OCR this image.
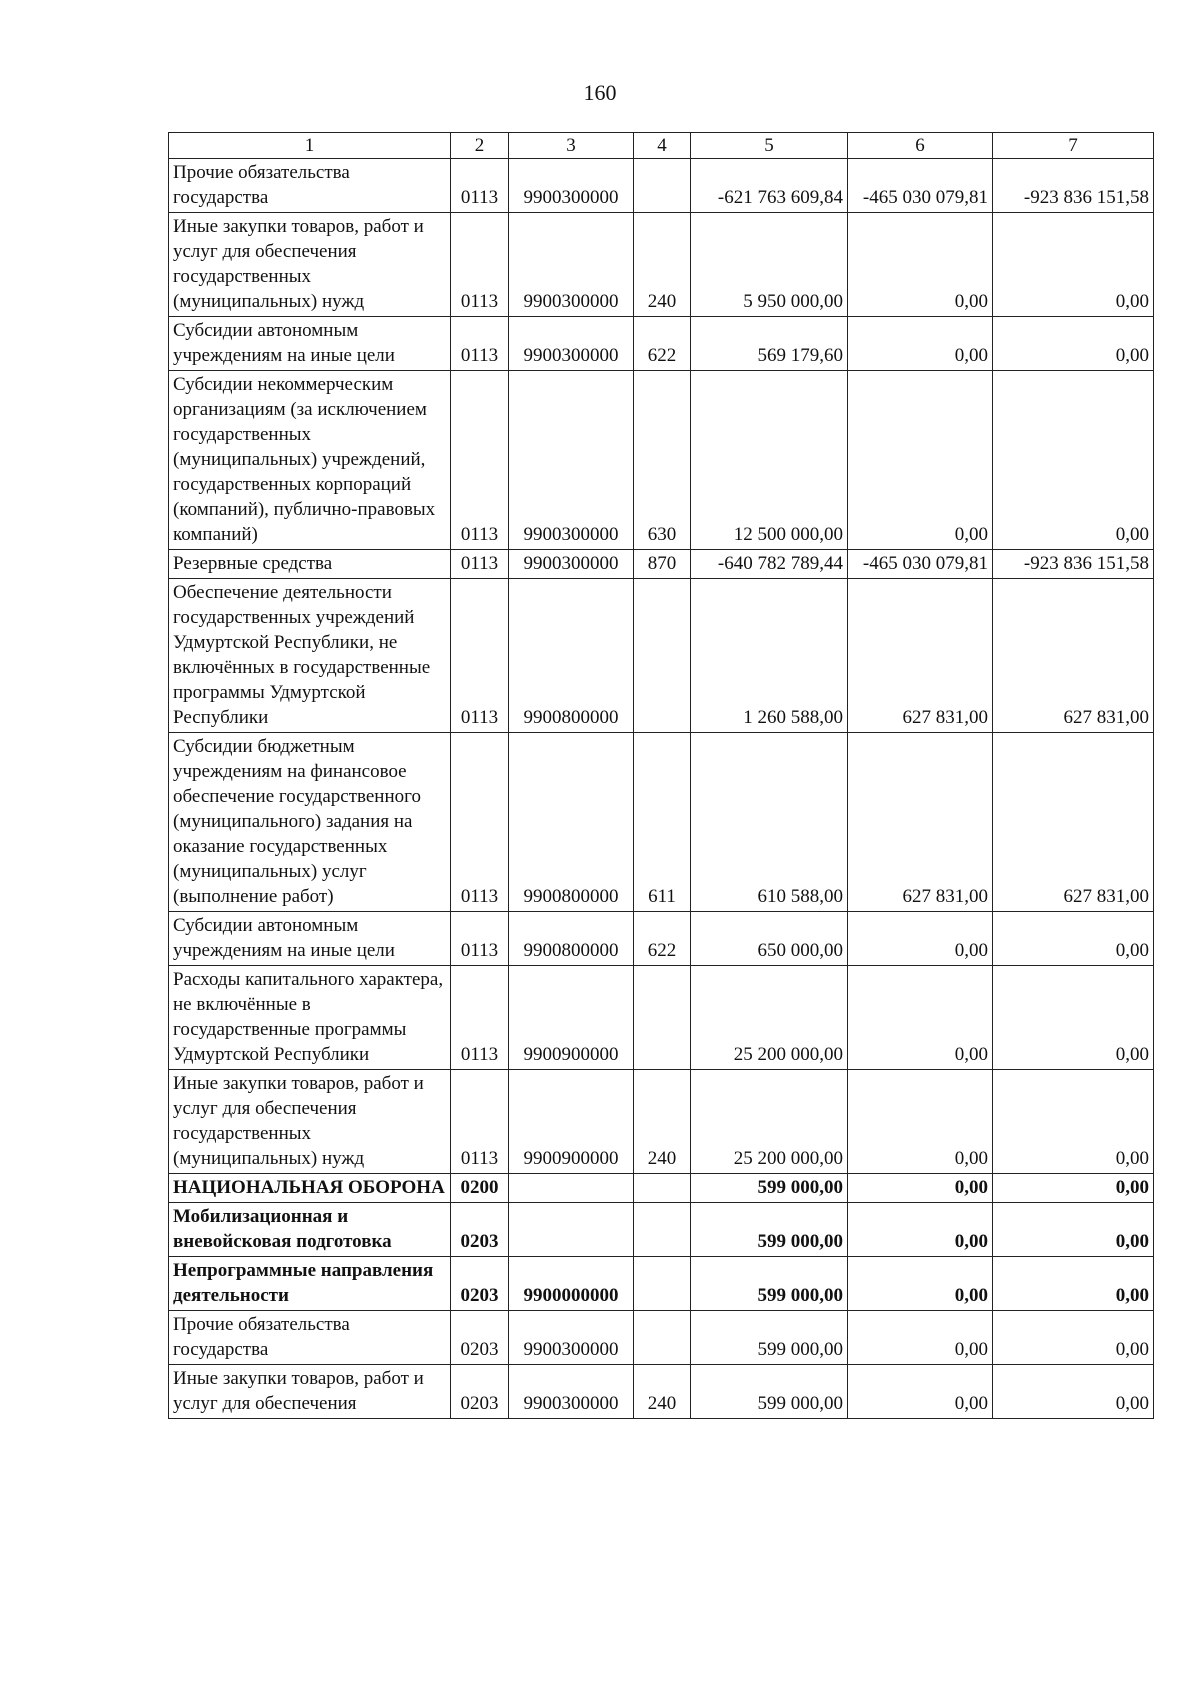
160
1	2	3	4	5	6	7
Прочие обязательства государства	0113	9900300000		-621 763 609,84	-465 030 079,81	-923 836 151,58
Иные закупки товаров, работ и услуг для обеспечения государственных (муниципальных) нужд	0113	9900300000	240	5 950 000,00	0,00	0,00
Субсидии автономным учреждениям на иные цели	0113	9900300000	622	569 179,60	0,00	0,00
Субсидии некоммерческим организациям (за исключением государственных (муниципальных) учреждений, государственных корпораций (компаний), публично-правовых компаний)	0113	9900300000	630	12 500 000,00	0,00	0,00
Резервные средства	0113	9900300000	870	-640 782 789,44	-465 030 079,81	-923 836 151,58
Обеспечение деятельности государственных учреждений Удмуртской Республики, не включённых в государственные программы Удмуртской Республики	0113	9900800000		1 260 588,00	627 831,00	627 831,00
Субсидии бюджетным учреждениям на финансовое обеспечение государственного (муниципального) задания на оказание государственных (муниципальных) услуг (выполнение работ)	0113	9900800000	611	610 588,00	627 831,00	627 831,00
Субсидии автономным учреждениям на иные цели	0113	9900800000	622	650 000,00	0,00	0,00
Расходы капитального характера, не включённые в государственные программы Удмуртской Республики	0113	9900900000		25 200 000,00	0,00	0,00
Иные закупки товаров, работ и услуг для обеспечения государственных (муниципальных) нужд	0113	9900900000	240	25 200 000,00	0,00	0,00
НАЦИОНАЛЬНАЯ ОБОРОНА	0200			599 000,00	0,00	0,00
Мобилизационная и вневойсковая подготовка	0203			599 000,00	0,00	0,00
Непрограммные направления деятельности	0203	9900000000		599 000,00	0,00	0,00
Прочие обязательства государства	0203	9900300000		599 000,00	0,00	0,00
Иные закупки товаров, работ и услуг для обеспечения	0203	9900300000	240	599 000,00	0,00	0,00
